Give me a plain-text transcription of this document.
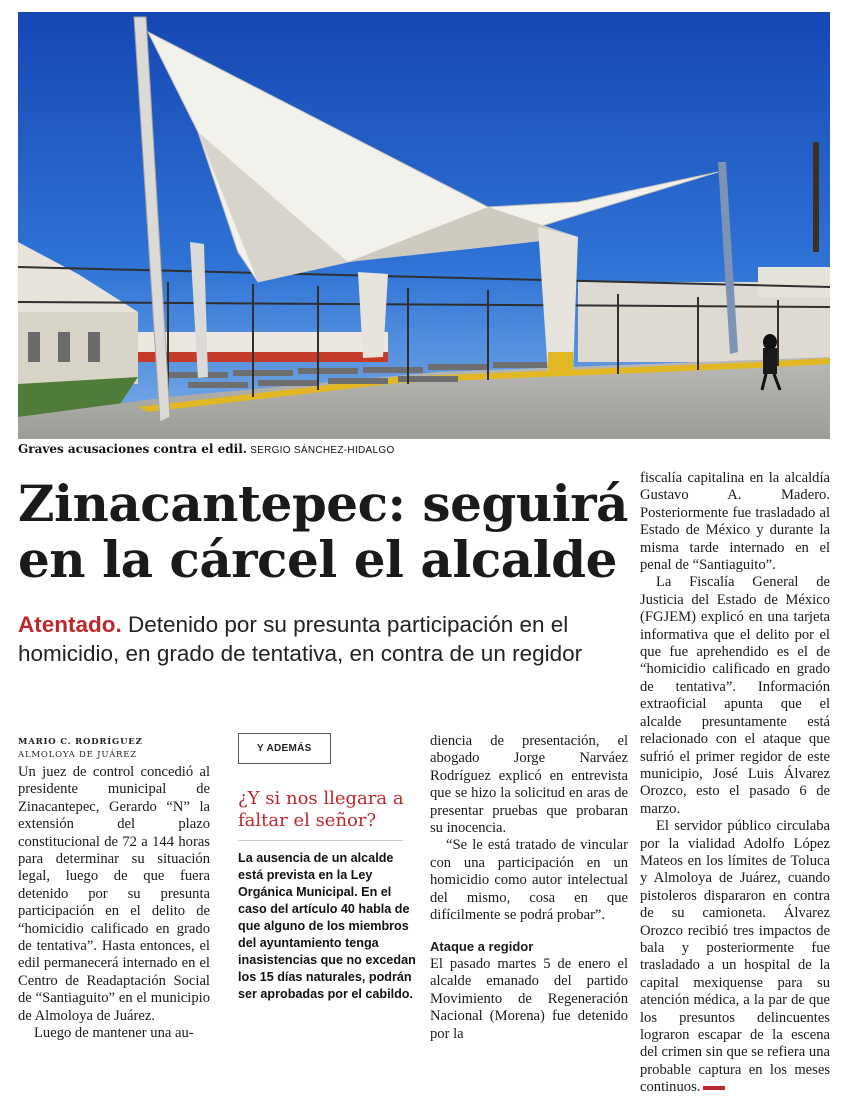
Graves acusaciones contra el edil. SERGIO SÁNCHEZ-HIDALGO
Zinacantepec: seguirá en la cárcel el alcalde
Atentado. Detenido por su presunta participación en el homicidio, en grado de tentativa, en contra de un regidor
MARIO C. RODRÍGUEZ
ALMOLOYA DE JUÁREZ

Un juez de control concedió al presidente municipal de Zinacantepec, Gerardo “N” la extensión del plazo constitucional de 72 a 144 horas para determinar su situación legal, luego de que fuera detenido por su presunta participación en el delito de “homicidio calificado en grado de tentativa”. Hasta entonces, el edil permanecerá internado en el Centro de Readaptación Social de “Santiaguito” en el municipio de Almoloya de Juárez.

Luego de mantener una au-

Y ADEMÁS
¿Y si nos llegara a faltar el señor?
La ausencia de un alcalde está prevista en la Ley Orgánica Municipal. En el caso del artículo 40 habla de que alguno de los miembros del ayuntamiento tenga inasistencias que no excedan los 15 días naturales, podrán ser aprobadas por el cabildo.

diencia de presentación, el abogado Jorge Narváez Rodríguez explicó en entrevista que se hizo la solicitud en aras de presentar pruebas que probaran su inocencia.

“Se le está tratado de vincular con una participación en un homicidio como autor intelectual del mismo, cosa en que difícilmente se podrá probar”.

Ataque a regidor

El pasado martes 5 de enero el alcalde emanado del partido Movimiento de Regeneración Nacional (Morena) fue detenido por la

fiscalía capitalina en la alcaldía Gustavo A. Madero. Posteriormente fue trasladado al Estado de México y durante la misma tarde internado en el penal de “Santiaguito”.

La Fiscalía General de Justicia del Estado de México (FGJEM) explicó en una tarjeta informativa que el delito por el que fue aprehendido es el de “homicidio calificado en grado de tentativa”. Información extraoficial apunta que el alcalde presuntamente está relacionado con el ataque que sufrió el primer regidor de este municipio, José Luis Álvarez Orozco, esto el pasado 6 de marzo.

El servidor público circulaba por la vialidad Adolfo López Mateos en los límites de Toluca y Almoloya de Juárez, cuando pistoleros dispararon en contra de su camioneta. Álvarez Orozco recibió tres impactos de bala y posteriormente fue trasladado a un hospital de la capital mexiquense para su atención médica, a la par de que los presuntos delincuentes lograron escapar de la escena del crimen sin que se refiera una probable captura en los meses continuos.
